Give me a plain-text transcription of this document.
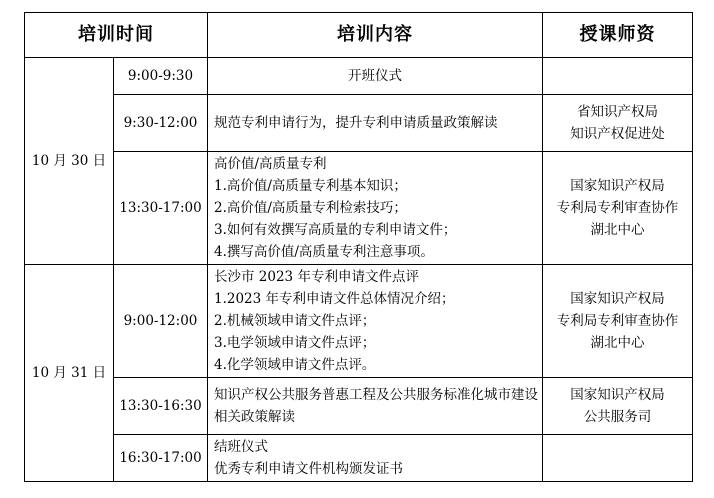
培训时间		培训内容	授课师资
10 月 30 日	9:00-9:30	开班仪式	

	9:30-12:00	规范专利申请行为，提升专利申请质量政策解读	省知识产权局
知识产权促进处

	13:30-17:00	高价值/高质量专利
1.高价值/高质量专利基本知识；
2.高价值/高质量专利检索技巧；
3.如何有效撰写高质量的专利申请文件；
4.撰写高价值/高质量专利注意事项。	国家知识产权局
专利局专利审查协作
湖北中心

10 月 31 日	9:00-12:00	长沙市 2023 年专利申请文件点评
1.2023 年专利申请文件总体情况介绍；
2.机械领域申请文件点评；
3.电学领域申请文件点评；
4.化学领域申请文件点评。	国家知识产权局
专利局专利审查协作
湖北中心

	13:30-16:30	知识产权公共服务普惠工程及公共服务标准化城市建设相关政策解读	国家知识产权局
公共服务司

	16:30-17:00	结班仪式
优秀专利申请文件机构颁发证书	
